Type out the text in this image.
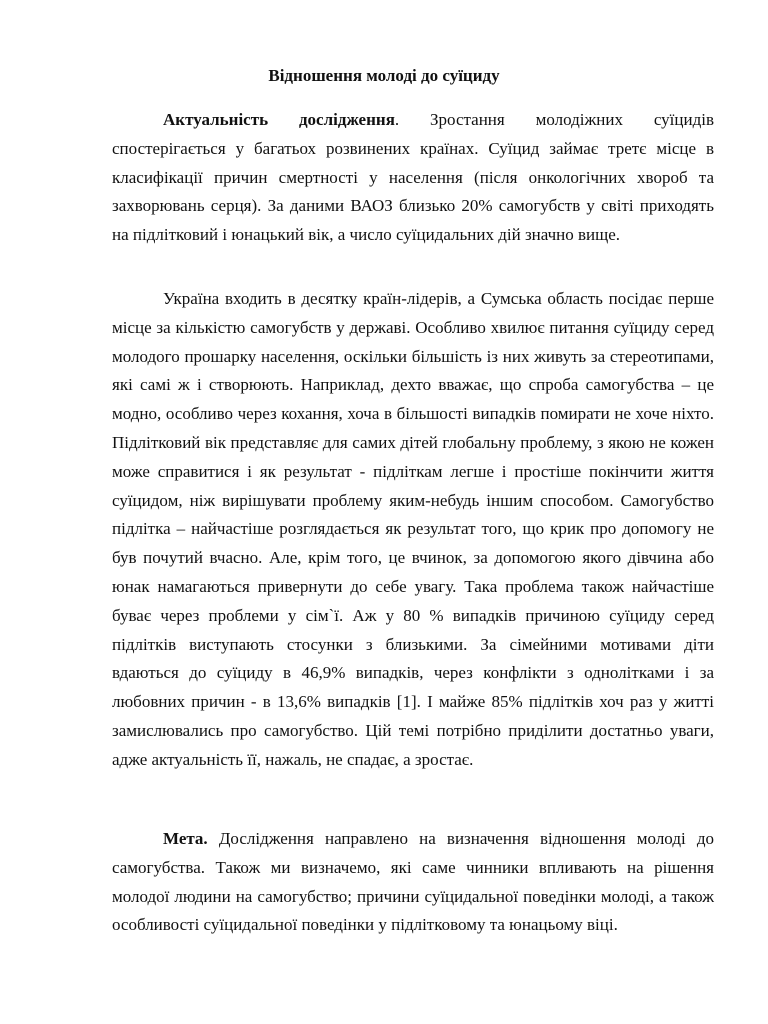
Відношення молоді до суїциду

Актуальність дослідження. Зростання молодіжних суїцидів спостерігається у багатьох розвинених країнах. Суїцид займає третє місце в класифікації причин смертності у населення (після онкологічних хвороб та захворювань серця). За даними ВАОЗ близько 20% самогубств у світі приходять на підлітковий і юнацький вік, а число суїцидальних дій значно вище.

Україна входить в десятку країн-лідерів, а Сумська область посідає перше місце за кількістю самогубств у державі. Особливо хвилює питання суїциду серед молодого прошарку населення, оскільки більшість із них живуть за стереотипами, які самі ж і створюють. Наприклад, дехто вважає, що спроба самогубства – це модно, особливо через кохання, хоча в більшості випадків помирати не хоче ніхто. Підлітковий вік представляє для самих дітей глобальну проблему, з якою не кожен може справитися і як результат - підліткам легше і простіше покінчити життя суїцидом, ніж вирішувати проблему яким-небудь іншим способом. Самогубство підлітка – найчастіше розглядається як результат того, що крик про допомогу не був почутий вчасно. Але, крім того, це вчинок, за допомогою якого дівчина або юнак намагаються привернути до себе увагу. Така проблема також найчастіше буває через проблеми у сім`ї. Аж у 80 % випадків причиною суїциду серед підлітків виступають стосунки з близькими. За сімейними мотивами діти вдаються до суїциду в 46,9% випадків, через конфлікти з однолітками і за любовних причин - в 13,6% випадків [1]. І майже 85% підлітків хоч раз у житті замислювались про самогубство. Цій темі потрібно приділити достатньо уваги, адже актуальність її, нажаль, не спадає, а зростає.

Мета. Дослідження направлено на визначення відношення молоді до самогубства. Також ми визначемо, які саме чинники впливають на рішення молодої людини на самогубство; причини суїцидальної поведінки молоді, а також особливості суїцидальної поведінки у підлітковому та юнацьому віці.
